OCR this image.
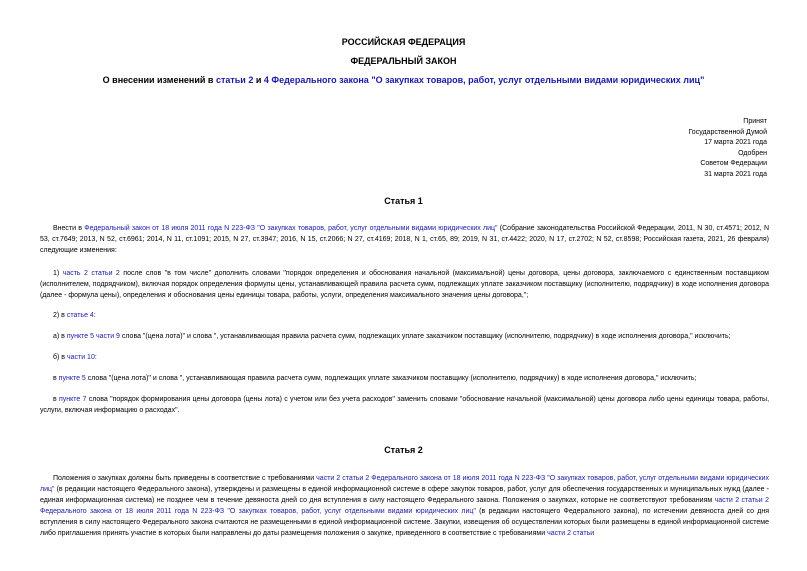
РОССИЙСКАЯ ФЕДЕРАЦИЯ
ФЕДЕРАЛЬНЫЙ ЗАКОН
О внесении изменений в статьи 2 и 4 Федерального закона "О закупках товаров, работ, услуг отдельными видами юридических лиц"
Принят
Государственной Думой
17 марта 2021 года
Одобрен
Советом Федерации
31 марта 2021 года
Статья 1
Внести в Федеральный закон от 18 июля 2011 года N 223-ФЗ "О закупках товаров, работ, услуг отдельными видами юридических лиц" (Собрание законодательства Российской Федерации, 2011, N 30, ст.4571; 2012, N 53, ст.7649; 2013, N 52, ст.6961; 2014, N 11, ст.1091; 2015, N 27, ст.3947; 2016, N 15, ст.2066; N 27, ст.4169; 2018, N 1, ст.65, 89; 2019, N 31, ст.4422; 2020, N 17, ст.2702; N 52, ст.8598; Российская газета, 2021, 26 февраля) следующие изменения:
1) часть 2 статьи 2 после слов "в том числе" дополнить словами "порядок определения и обоснования начальной (максимальной) цены договора, цены договора, заключаемого с единственным поставщиком (исполнителем, подрядчиком), включая порядок определения формулы цены, устанавливающей правила расчета сумм, подлежащих уплате заказчиком поставщику (исполнителю, подрядчику) в ходе исполнения договора (далее - формула цены), определения и обоснования цены единицы товара, работы, услуги, определения максимального значения цены договора,";
2) в статье 4:
а) в пункте 5 части 9 слова "(цена лота)" и слова ", устанавливающая правила расчета сумм, подлежащих уплате заказчиком поставщику (исполнителю, подрядчику) в ходе исполнения договора," исключить;
б) в части 10:
в пункте 5 слова "(цена лота)" и слова ", устанавливающая правила расчета сумм, подлежащих уплате заказчиком поставщику (исполнителю, подрядчику) в ходе исполнения договора," исключить;
в пункте 7 слова "порядок формирования цены договора (цены лота) с учетом или без учета расходов" заменить словами "обоснование начальной (максимальной) цены договора либо цены единицы товара, работы, услуги, включая информацию о расходах".
Статья 2
Положения о закупках должны быть приведены в соответствие с требованиями части 2 статьи 2 Федерального закона от 18 июля 2011 года N 223-ФЗ "О закупках товаров, работ, услуг отдельными видами юридических лиц" (в редакции настоящего Федерального закона), утверждены и размещены в единой информационной системе в сфере закупок товаров, работ, услуг для обеспечения государственных и муниципальных нужд (далее - единая информационная система) не позднее чем в течение девяноста дней со дня вступления в силу настоящего Федерального закона. Положения о закупках, которые не соответствуют требованиям части 2 статьи 2 Федерального закона от 18 июля 2011 года N 223-ФЗ "О закупках товаров, работ, услуг отдельными видами юридических лиц" (в редакции настоящего Федерального закона), по истечении девяноста дней со дня вступления в силу настоящего Федерального закона считаются не размещенными в единой информационной системе. Закупки, извещения об осуществлении которых были размещены в единой информационной системе либо приглашения принять участие в которых были направлены до даты размещения положения о закупке, приведенного в соответствие с требованиями части 2 статьи
